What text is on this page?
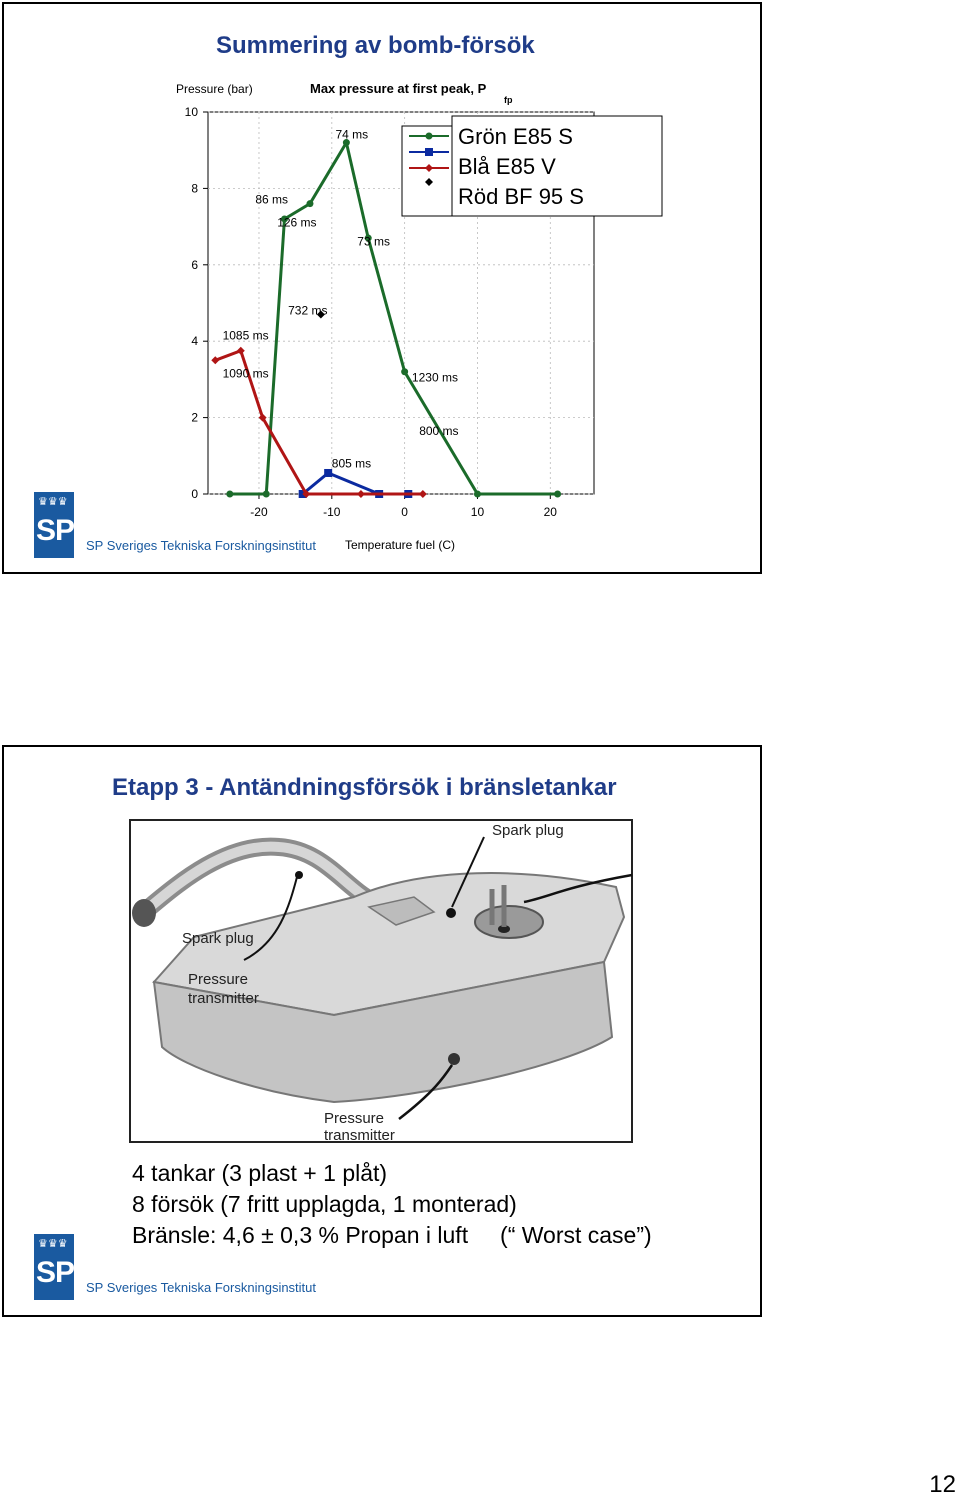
Summering av bomb-försök
0
2
4
6
8
10
-20	-10	0	10	20
Pressure (bar)	Max pressure at first peak, P
fp
Temperature fuel (C)
86 ms
126 ms
74 ms
73 ms
732 ms
1085 ms
1090 ms	1230 ms
800 ms
805 ms
Grön E85 S
Blå E85 V
Röd BF 95 S
♛♛♛
SP SP Sveriges Tekniska Forskningsinstitut
Etapp 3 - Antändningsförsök i bränsletankar
Spark plug
Spark plug
Pressure
transmitter
Pressure
transmitter
4 tankar (3 plast + 1 plåt)
8 försök (7 fritt upplagda, 1 monterad)
Bränsle: 4,6 ± 0,3 % Propan i luft     (“ Worst case”)
♛♛♛
SP SP Sveriges Tekniska Forskningsinstitut
12
